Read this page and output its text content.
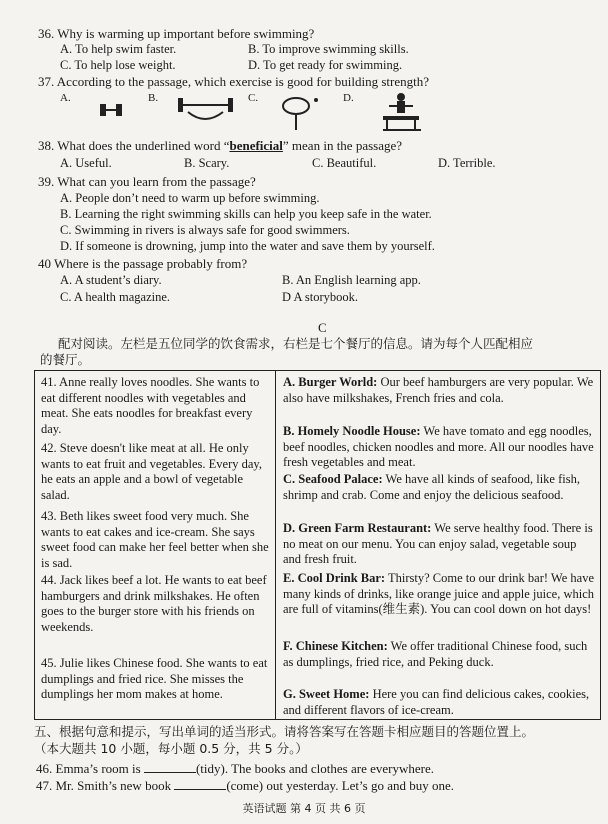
36. Why is warming up important before swimming?
A. To help swim faster.	B. To improve swimming skills.
C. To help lose weight.	D. To get ready for swimming.
37. According to the passage, which exercise is good for building strength?
A.	B.	C.	D.
38. What does the underlined word “beneficial” mean in the passage?
A. Useful.	B. Scary.	C. Beautiful.	D. Terrible.
39. What can you learn from the passage?
A. People don’t need to warm up before swimming.
B. Learning the right swimming skills can help you keep safe in the water.
C. Swimming in rivers is always safe for good swimmers.
D. If someone is drowning, jump into the water and save them by yourself.
40 Where is the passage probably from?
A. A student’s diary.	B. An English learning app.
C. A health magazine.	D A storybook.
C
配对阅读。左栏是五位同学的饮食需求，右栏是七个餐厅的信息。请为每个人匹配相应
的餐厅。
41. Anne really loves noodles. She wants to eat different noodles with vegetables and meat. She eats noodles for breakfast every day.
42. Steve doesn't like meat at all. He only wants to eat fruit and vegetables. Every day, he eats an apple and a bowl of vegetable salad.
43. Beth likes sweet food very much. She wants to eat cakes and ice-cream. She says sweet food can make her feel better when she is sad.
44. Jack likes beef a lot. He wants to eat beef hamburgers and drink milkshakes. He often goes to the burger store with his friends on weekends.
45. Julie likes Chinese food. She wants to eat dumplings and fried rice. She misses the dumplings her mom makes at home.
A. Burger World: Our beef hamburgers are very popular. We also have milkshakes, French fries and cola.
B. Homely Noodle House: We have tomato and egg noodles, beef noodles, chicken noodles and more. All our noodles have fresh vegetables and meat.
C. Seafood Palace: We have all kinds of seafood, like fish, shrimp and crab. Come and enjoy the delicious seafood.
D. Green Farm Restaurant: We serve healthy food. There is no meat on our menu. You can enjoy salad, vegetable soup and fresh fruit.
E. Cool Drink Bar: Thirsty? Come to our drink bar! We have many kinds of drinks, like orange juice and apple juice, which are full of vitamins(维生素). You can cool down on hot days!
F. Chinese Kitchen: We offer traditional Chinese food, such as dumplings, fried rice, and Peking duck.
G. Sweet Home: Here you can find delicious cakes, cookies, and different flavors of ice-cream.
五、根据句意和提示，写出单词的适当形式。请将答案写在答题卡相应题目的答题位置上。
（本大题共 10 小题，每小题 0.5 分，共 5 分。）
46. Emma’s room is	(tidy). The books and clothes are everywhere.
47. Mr. Smith’s new book	(come) out yesterday. Let’s go and buy one.
英语试题 第 4 页 共 6 页
